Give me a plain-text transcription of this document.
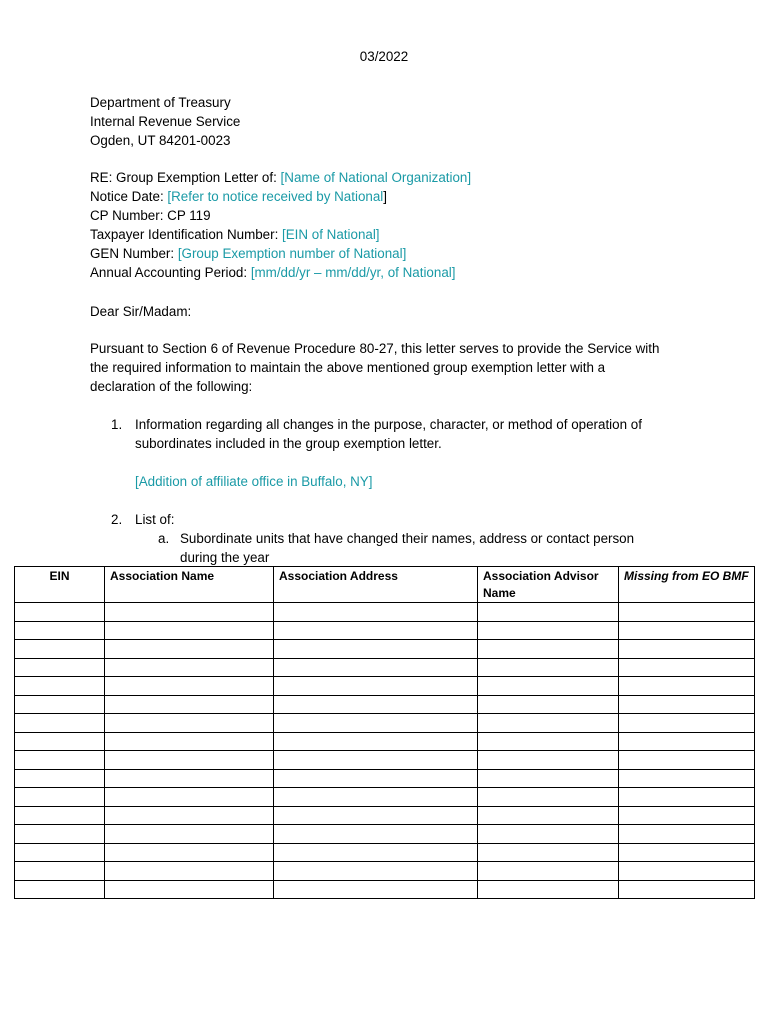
03/2022
Department of Treasury
Internal Revenue Service
Ogden, UT 84201-0023
RE: Group Exemption Letter of: [Name of National Organization]
Notice Date: [Refer to notice received by National]
CP Number: CP 119
Taxpayer Identification Number: [EIN of National]
GEN Number: [Group Exemption number of National]
Annual Accounting Period: [mm/dd/yr – mm/dd/yr, of National]
Dear Sir/Madam:
Pursuant to Section 6 of Revenue Procedure 80-27, this letter serves to provide the Service with
the required information to maintain the above mentioned group exemption letter with a
declaration of the following:
1. Information regarding all changes in the purpose, character, or method of operation of
subordinates included in the group exemption letter.
[Addition of affiliate office in Buffalo, NY]
2. List of:
a. Subordinate units that have changed their names, address or contact person
during the year
EIN	Association Name	Association Address	Association Advisor Name	Missing from EO BMF
